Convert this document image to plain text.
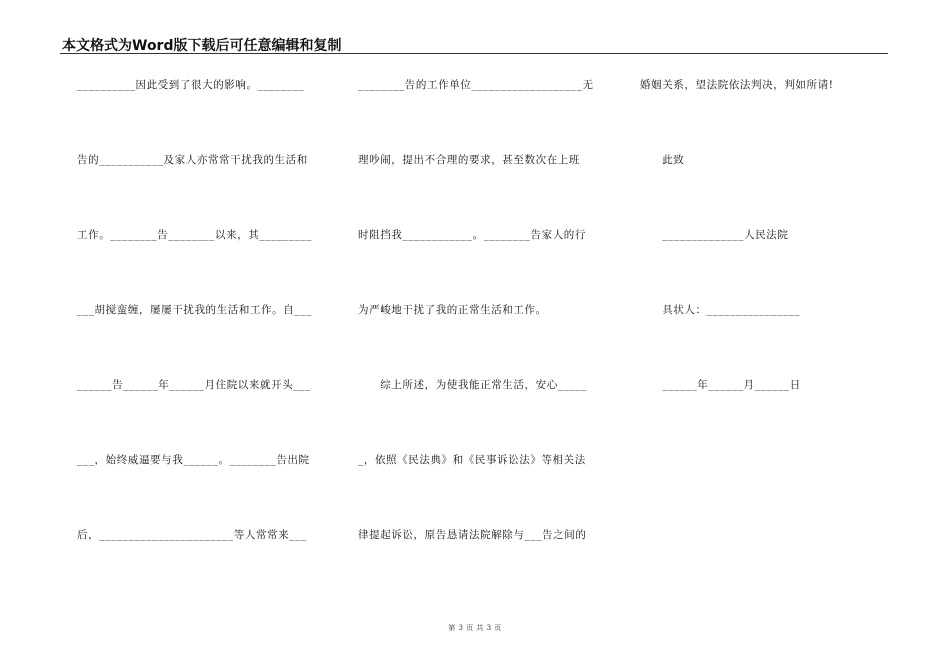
本文格式为Word版下载后可任意编辑和复制
__________因此受到了很大的影响。________
告的___________及家人亦常常干扰我的生活和
工作。________告________以来，其_________
___胡搅蛮缠，屡屡干扰我的生活和工作。自___
______告______年______月住院以来就开头___
___，始终威逼要与我______。________告出院
后，_______________________等人常常来___
________告的工作单位___________________无
理吵闹，提出不合理的要求，甚至数次在上班
时阻挡我____________。________告家人的行
为严峻地干扰了我的正常生活和工作。
　　综上所述，为使我能正常生活，安心_____
_，依照《民法典》和《民事诉讼法》等相关法
律提起诉讼，原告恳请法院解除与___告之间的
婚姻关系，望法院依法判决，判如所请!
　　此致
　　______________人民法院
　　具状人：________________
　　______年______月______日
第 3 页 共 3 页
